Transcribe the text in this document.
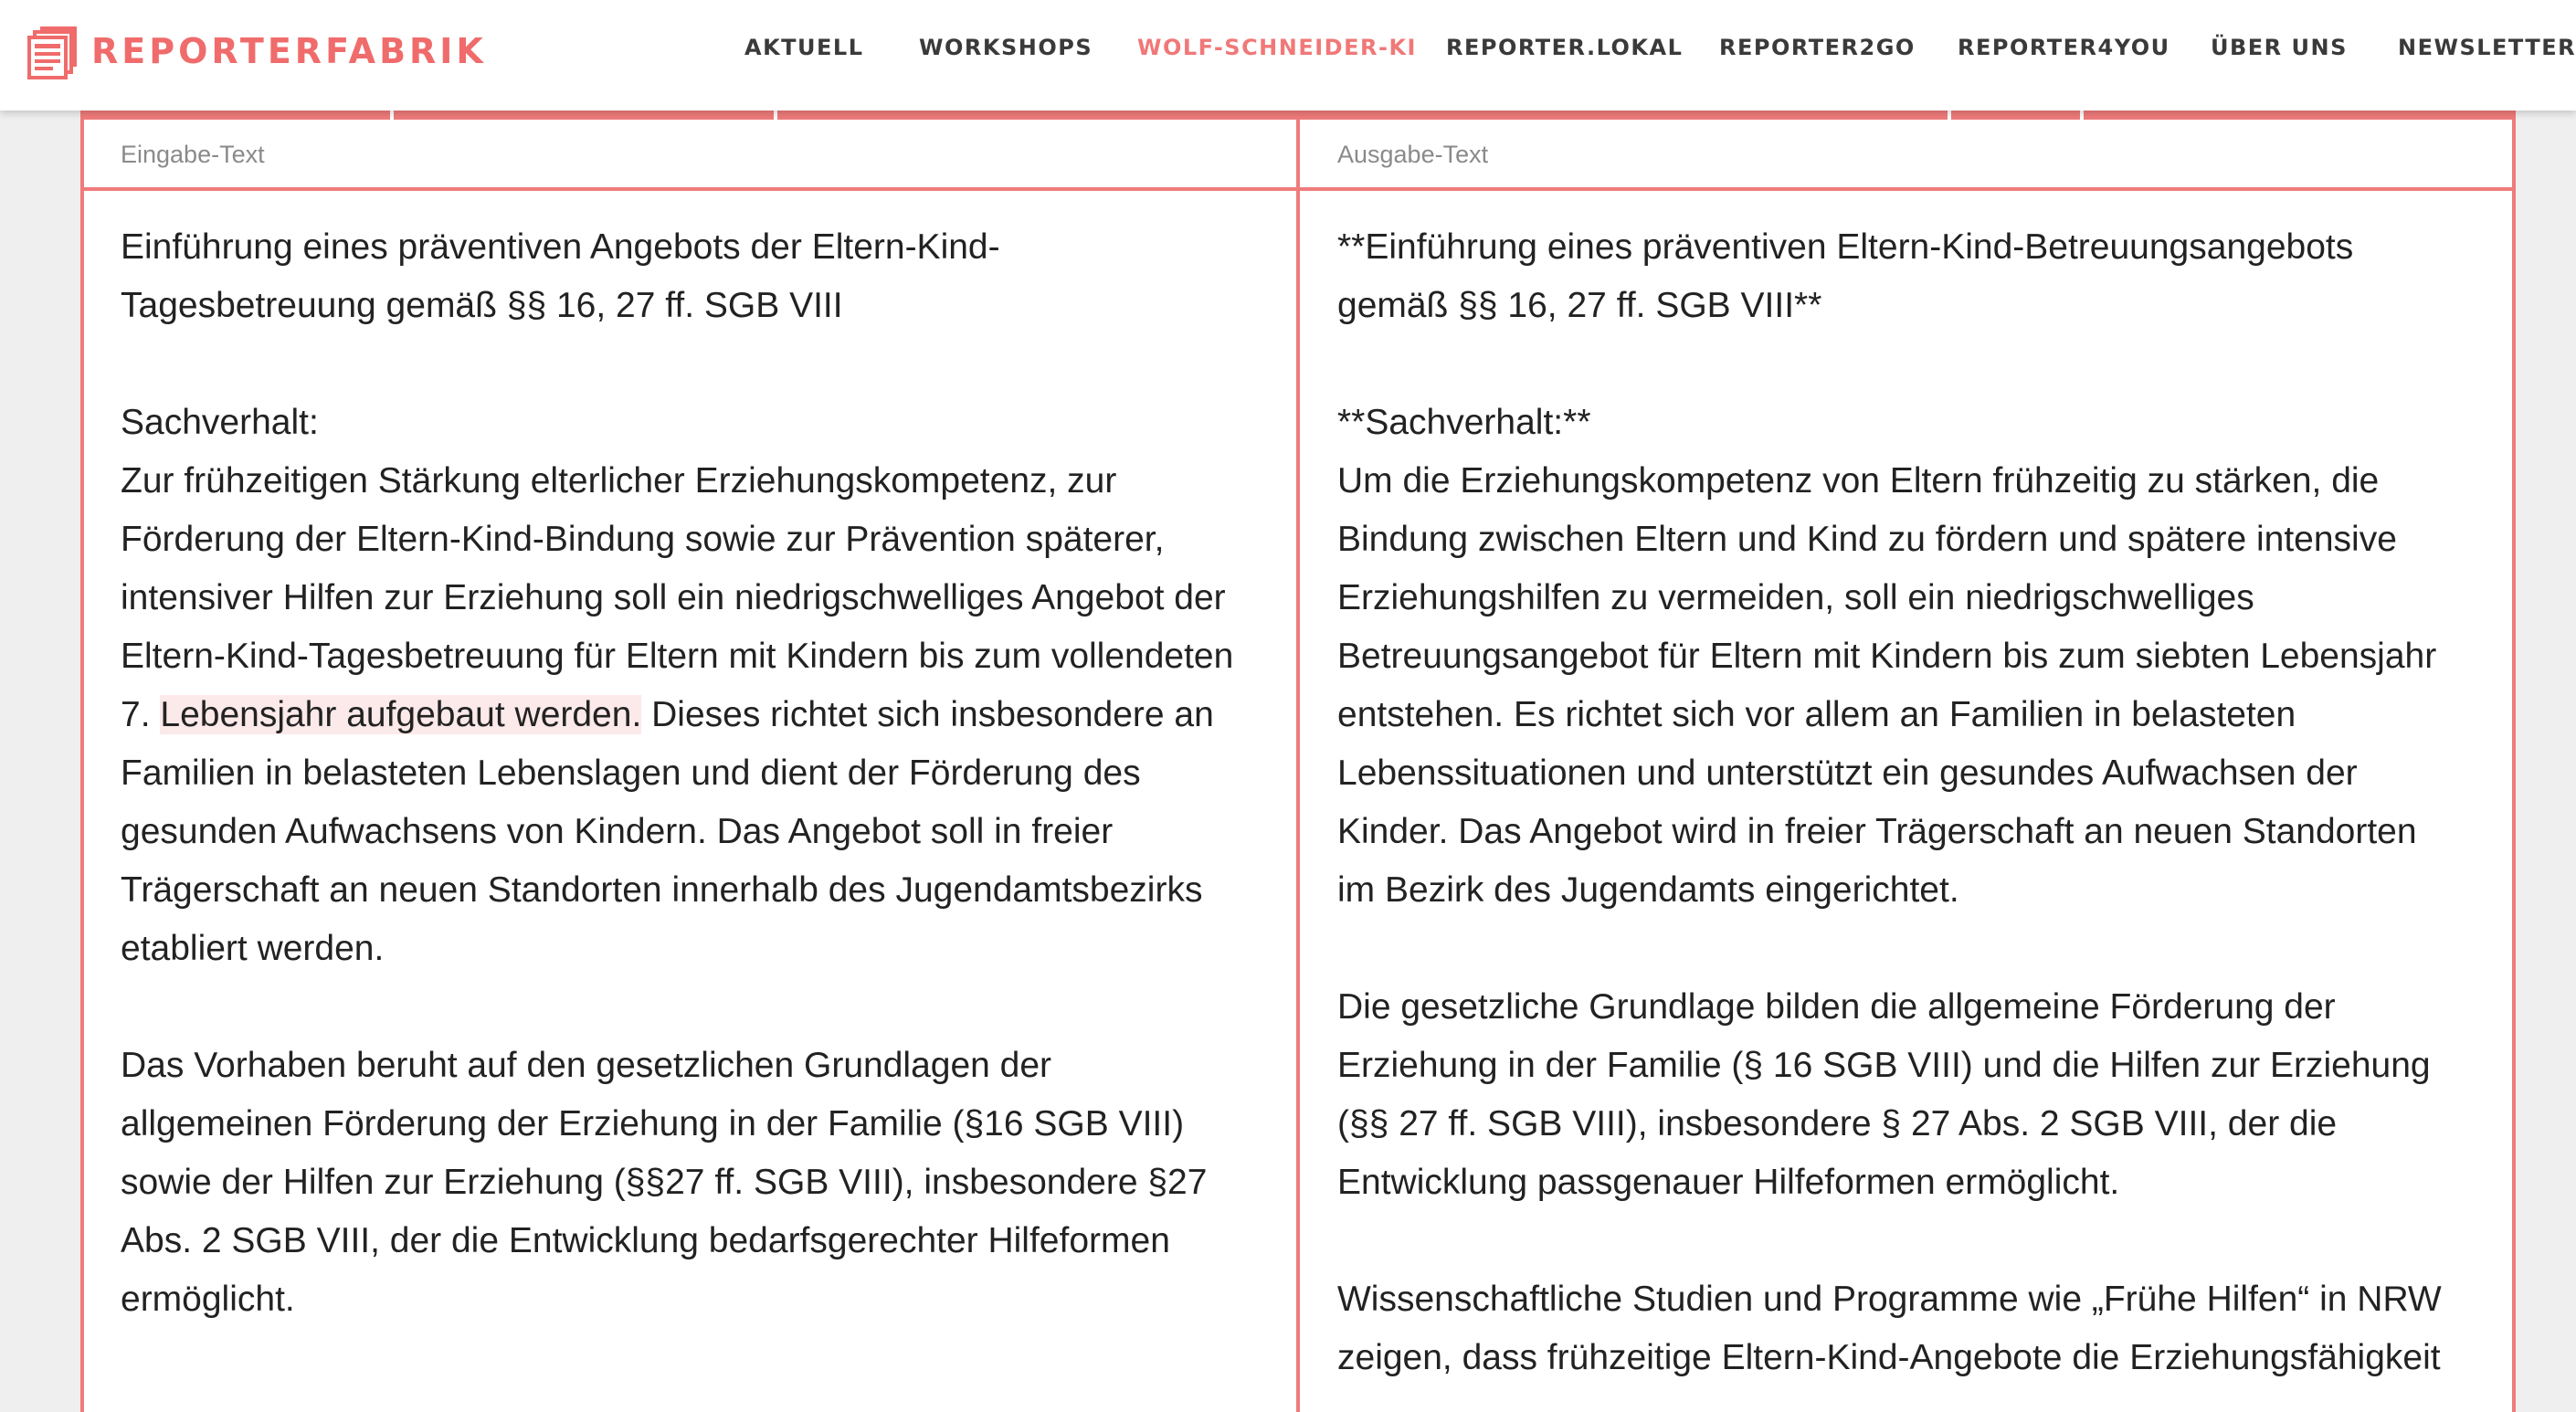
REPORTERFABRIK	AKTUELL	WORKSHOPS WOLF-SCHNEIDER-KI REPORTER.LOKAL REPORTER2GO REPORTER4YOU ÜBER UNS NEWSLETTER
Eingabe-Text
Einführung eines präventiven Angebots der Eltern-Kind-
Tagesbetreuung gemäß §§ 16, 27 ff. SGB VIII

Sachverhalt:
Zur frühzeitigen Stärkung elterlicher Erziehungskompetenz, zur
Förderung der Eltern-Kind-Bindung sowie zur Prävention späterer,
intensiver Hilfen zur Erziehung soll ein niedrigschwelliges Angebot der
Eltern-Kind-Tagesbetreuung für Eltern mit Kindern bis zum vollendeten
7. Lebensjahr aufgebaut werden. Dieses richtet sich insbesondere an
Familien in belasteten Lebenslagen und dient der Förderung des
gesunden Aufwachsens von Kindern. Das Angebot soll in freier
Trägerschaft an neuen Standorten innerhalb des Jugendamtsbezirks
etabliert werden.

Das Vorhaben beruht auf den gesetzlichen Grundlagen der
allgemeinen Förderung der Erziehung in der Familie (§16 SGB VIII)
sowie der Hilfen zur Erziehung (§§27 ff. SGB VIII), insbesondere §27
Abs. 2 SGB VIII, der die Entwicklung bedarfsgerechter Hilfeformen
ermöglicht.
Ausgabe-Text
**Einführung eines präventiven Eltern-Kind-Betreuungsangebots
gemäß §§ 16, 27 ff. SGB VIII**

**Sachverhalt:**
Um die Erziehungskompetenz von Eltern frühzeitig zu stärken, die
Bindung zwischen Eltern und Kind zu fördern und spätere intensive
Erziehungshilfen zu vermeiden, soll ein niedrigschwelliges
Betreuungsangebot für Eltern mit Kindern bis zum siebten Lebensjahr
entstehen. Es richtet sich vor allem an Familien in belasteten
Lebenssituationen und unterstützt ein gesundes Aufwachsen der
Kinder. Das Angebot wird in freier Trägerschaft an neuen Standorten
im Bezirk des Jugendamts eingerichtet.

Die gesetzliche Grundlage bilden die allgemeine Förderung der
Erziehung in der Familie (§ 16 SGB VIII) und die Hilfen zur Erziehung
(§§ 27 ff. SGB VIII), insbesondere § 27 Abs. 2 SGB VIII, der die
Entwicklung passgenauer Hilfeformen ermöglicht.

Wissenschaftliche Studien und Programme wie „Frühe Hilfen“ in NRW
zeigen, dass frühzeitige Eltern-Kind-Angebote die Erziehungsfähigkeit
